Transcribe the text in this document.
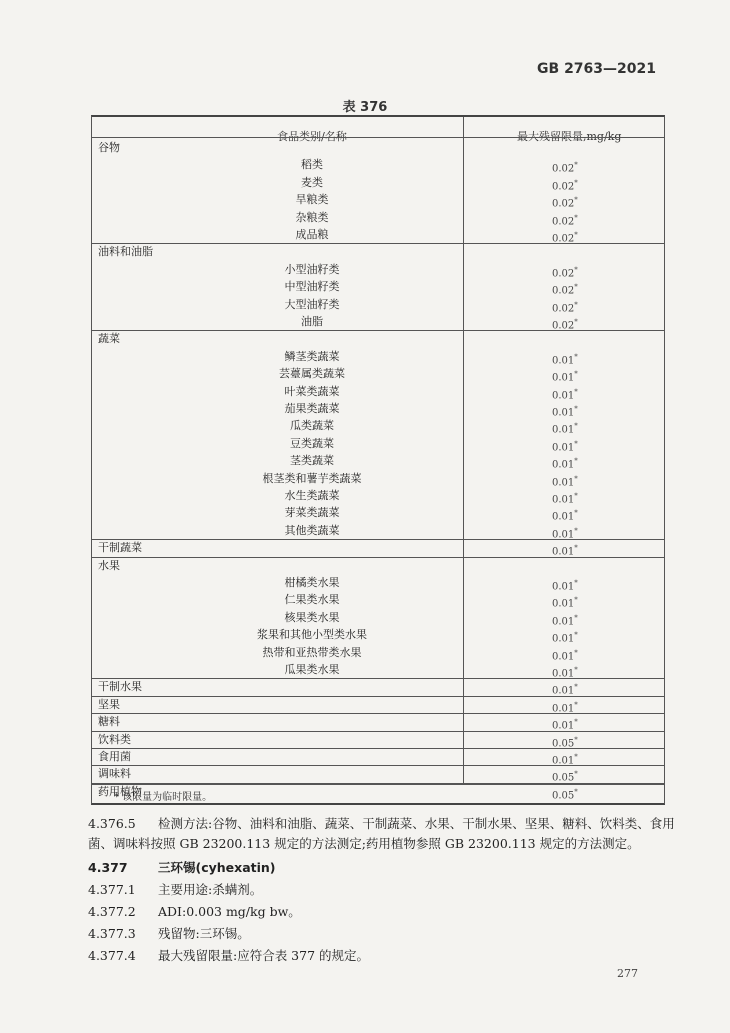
GB 2763—2021
表 376
食品类别/名称	最大残留限量,mg/kg
* 该限量为临时限量。
谷物
稻类	0.02*
麦类	0.02*
旱粮类	0.02*
杂粮类	0.02*
成品粮	0.02*
油料和油脂
小型油籽类	0.02*
中型油籽类	0.02*
大型油籽类	0.02*
油脂	0.02*
蔬菜
鳞茎类蔬菜	0.01*
芸薹属类蔬菜	0.01*
叶菜类蔬菜	0.01*
茄果类蔬菜	0.01*
瓜类蔬菜	0.01*
豆类蔬菜	0.01*
茎类蔬菜	0.01*
根茎类和薯芋类蔬菜	0.01*
水生类蔬菜	0.01*
芽菜类蔬菜	0.01*
其他类蔬菜	0.01*
干制蔬菜	0.01*
水果
柑橘类水果	0.01*
仁果类水果	0.01*
核果类水果	0.01*
浆果和其他小型类水果	0.01*
热带和亚热带类水果	0.01*
瓜果类水果	0.01*
干制水果	0.01*
坚果	0.01*
糖料	0.01*
饮料类	0.05*
食用菌	0.01*
调味料	0.05*
药用植物	0.05*
4.376.5 检测方法:谷物、油料和油脂、蔬菜、干制蔬菜、水果、干制水果、坚果、糖料、饮料类、食用菌、调味料按照 GB 23200.113 规定的方法测定;药用植物参照 GB 23200.113 规定的方法测定。
4.377 三环锡(cyhexatin)
4.377.1 主要用途:杀螨剂。
4.377.2 ADI:0.003 mg/kg bw。
4.377.3 残留物:三环锡。
4.377.4 最大残留限量:应符合表 377 的规定。
277
